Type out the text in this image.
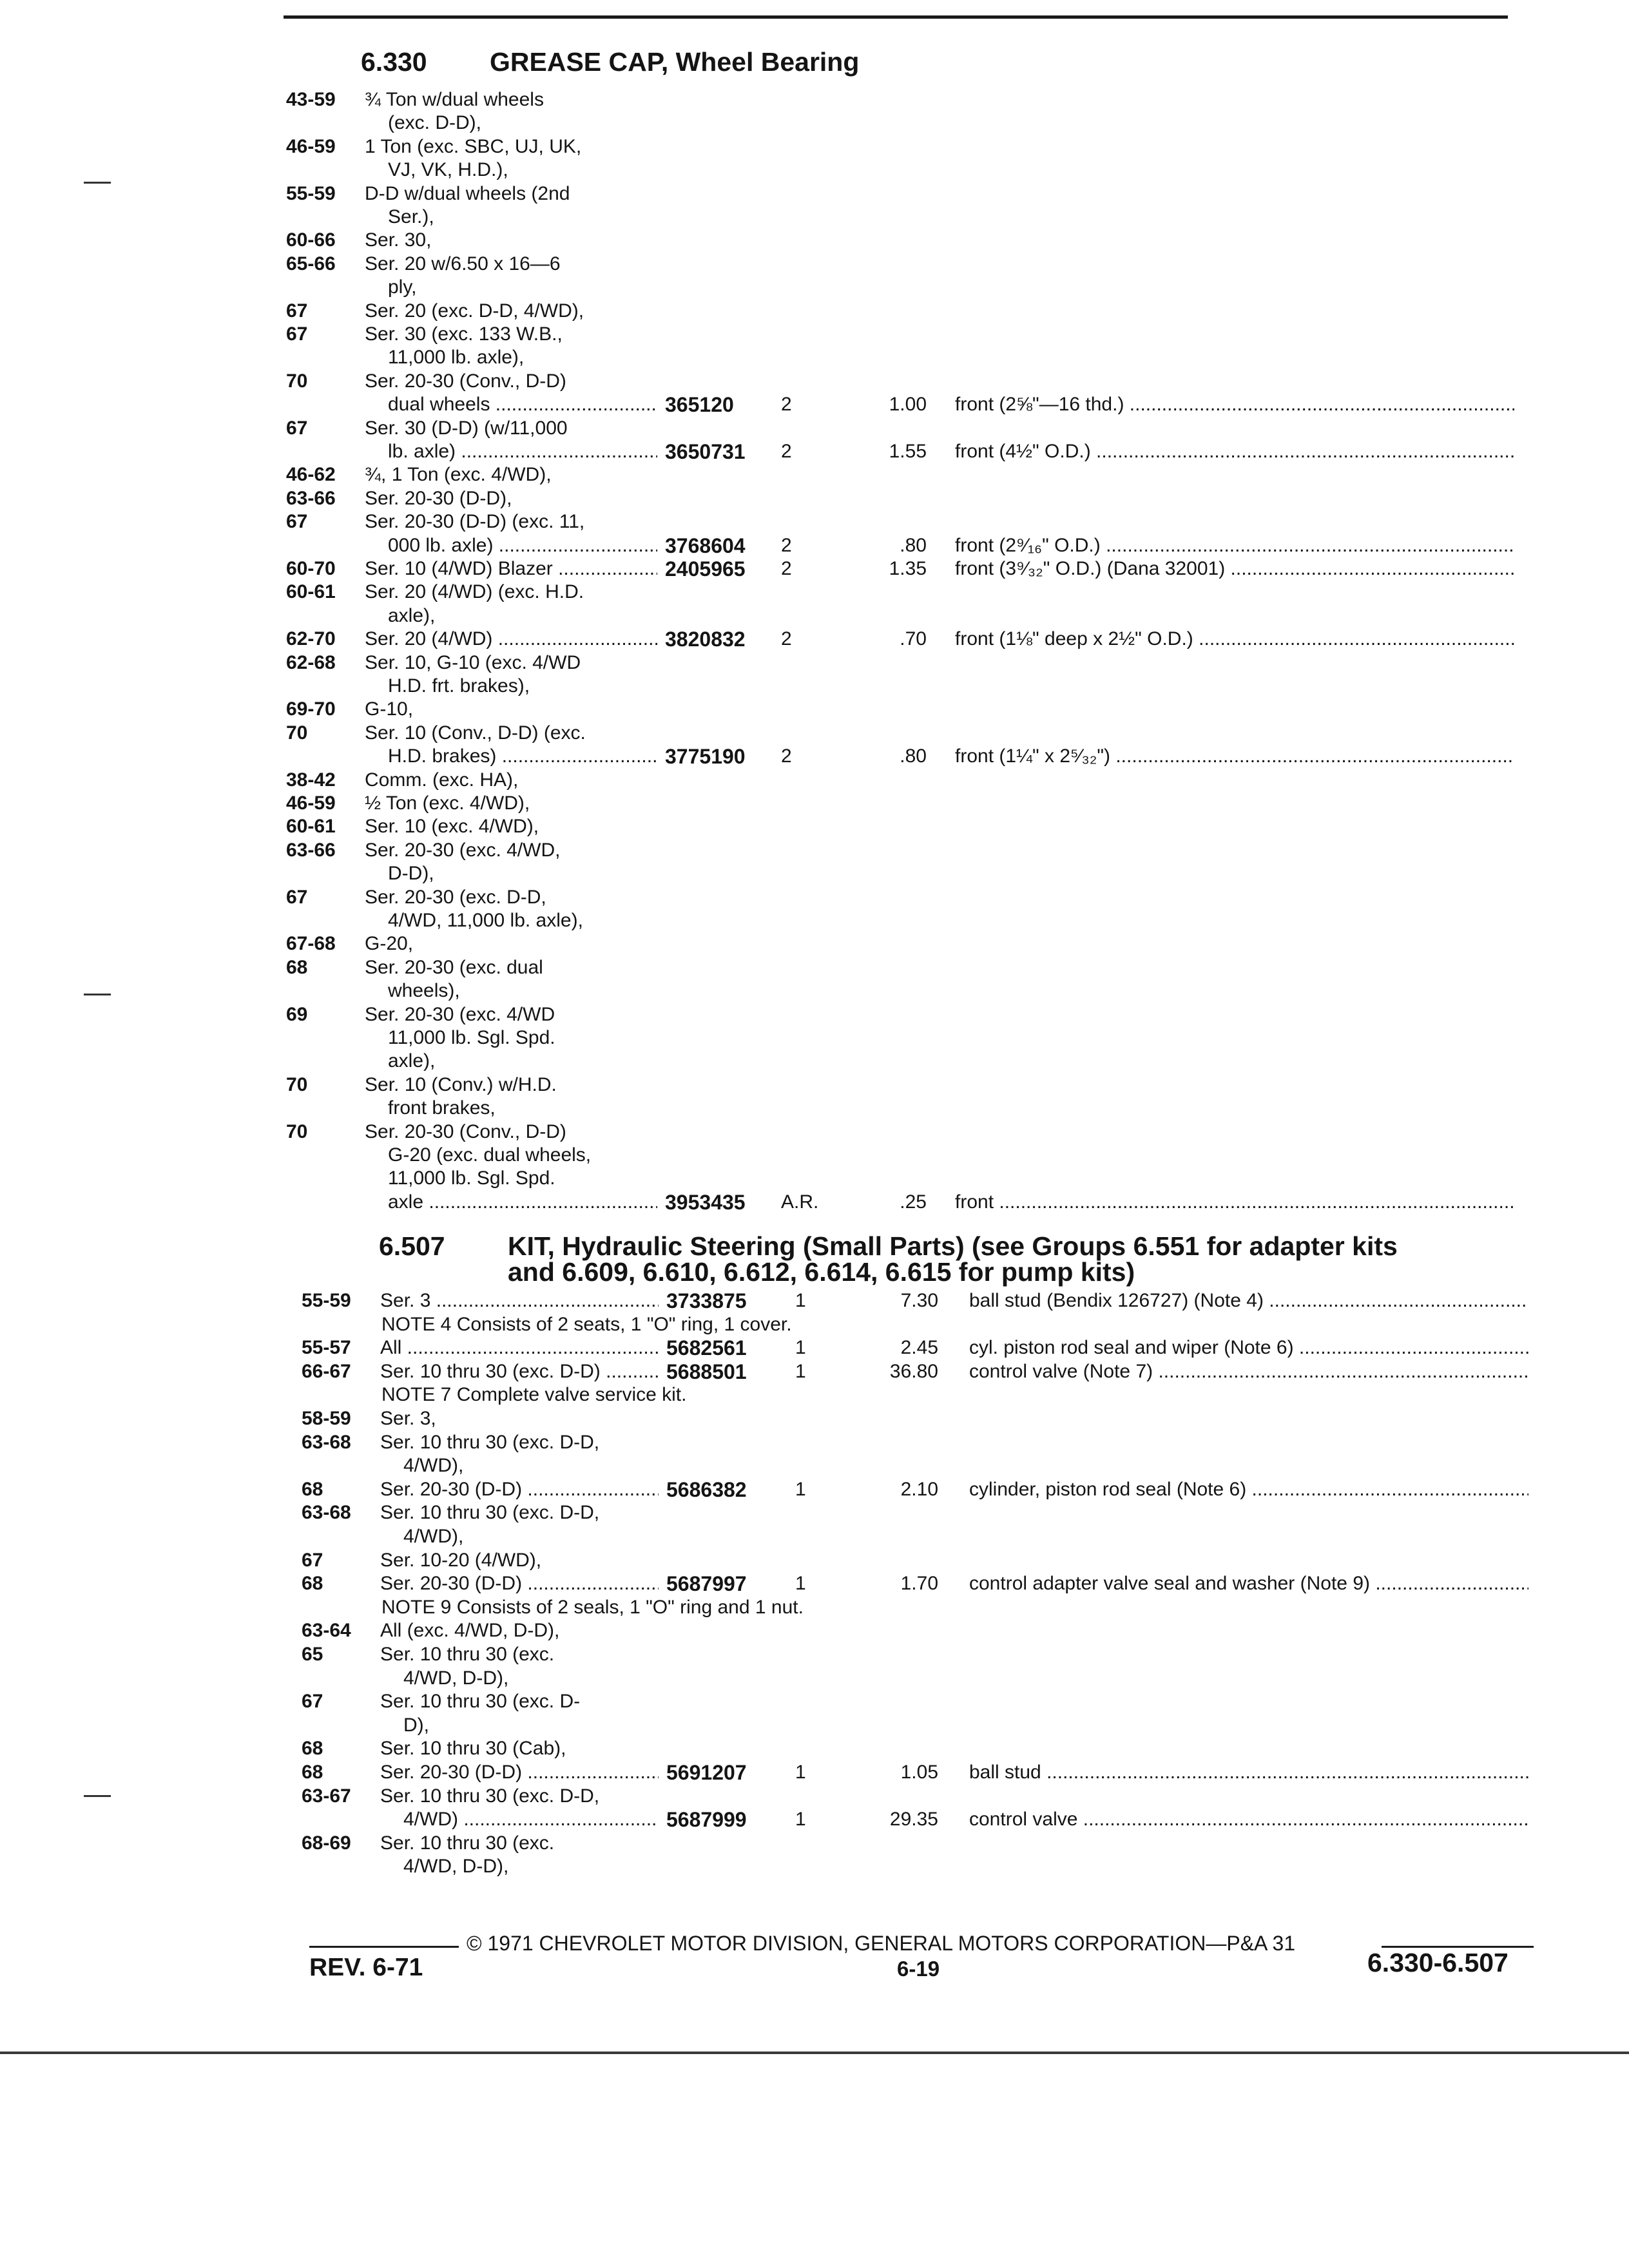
6.330 GREASE CAP, Wheel Bearing
43-59 ¾ Ton w/dual wheels
(exc. D-D),
46-59 1 Ton (exc. SBC, UJ, UK,
VJ, VK, H.D.),
55-59 D-D w/dual wheels (2nd
Ser.),
60-66 Ser. 30,
65-66 Ser. 20 w/6.50 x 16—6
ply,
67	Ser. 20 (exc. D-D, 4/WD),
67	Ser. 30 (exc. 133 W.B.,
11,000 lb. axle),
70	Ser. 20-30 (Conv., D-D)
dual wheels .....	365120 2	1.00 front (2⅝"—16 thd.) .....
67	Ser. 30 (D-D) (w/11,000
lb. axle) .....	3650731 2	1.55 front (4½" O.D.) .....
46-62 ¾, 1 Ton (exc. 4/WD),
63-66 Ser. 20-30 (D-D),
67	Ser. 20-30 (D-D) (exc. 11,
000 lb. axle) .....	3768604 2	.80 front (2⁹⁄₁₆" O.D.) .....
60-70 Ser. 10 (4/WD) Blazer .....	2405965 2	1.35 front (3⁹⁄₃₂" O.D.) (Dana 32001) .....
60-61 Ser. 20 (4/WD) (exc. H.D.
axle),
62-70 Ser. 20 (4/WD) .....	3820832 2	.70 front (1⅛" deep x 2½" O.D.) .....
62-68 Ser. 10, G-10 (exc. 4/WD
H.D. frt. brakes),
69-70 G-10,
70	Ser. 10 (Conv., D-D) (exc.
H.D. brakes) .....	3775190 2	.80 front (1¼" x 2⁵⁄₃₂") .....
38-42 Comm. (exc. HA),
46-59 ½ Ton (exc. 4/WD),
60-61 Ser. 10 (exc. 4/WD),
63-66 Ser. 20-30 (exc. 4/WD,
D-D),
67	Ser. 20-30 (exc. D-D,
4/WD, 11,000 lb. axle),
67-68 G-20,
68	Ser. 20-30 (exc. dual
wheels),
69	Ser. 20-30 (exc. 4/WD
11,000 lb. Sgl. Spd.
axle),
70	Ser. 10 (Conv.) w/H.D.
front brakes,
70	Ser. 20-30 (Conv., D-D)
G-20 (exc. dual wheels,
11,000 lb. Sgl. Spd.
axle .....	3953435 A.R.	.25 front .....
6.507 KIT, Hydraulic Steering (Small Parts) (see Groups 6.551 for adapter kits
and 6.609, 6.610, 6.612, 6.614, 6.615 for pump kits)
55-59 Ser. 3 .....	3733875	1	7.30 ball stud (Bendix 126727) (Note 4) .....
NOTE 4 Consists of 2 seats, 1 "O" ring, 1 cover.
55-57 All .....	5682561	1	2.45 cyl. piston rod seal and wiper (Note 6) .....
66-67 Ser. 10 thru 30 (exc. D-D) .....	5688501	1	36.80 control valve (Note 7) .....
NOTE 7 Complete valve service kit.
58-59 Ser. 3,
63-68 Ser. 10 thru 30 (exc. D-D,
4/WD),
68	Ser. 20-30 (D-D) .....	5686382	1	2.10 cylinder, piston rod seal (Note 6) .....
63-68 Ser. 10 thru 30 (exc. D-D,
4/WD),
67	Ser. 10-20 (4/WD),
68	Ser. 20-30 (D-D) .....	5687997	1	1.70 control adapter valve seal and washer (Note 9) .....
NOTE 9 Consists of 2 seals, 1 "O" ring and 1 nut.
63-64 All (exc. 4/WD, D-D),
65	Ser. 10 thru 30 (exc.
4/WD, D-D),
67	Ser. 10 thru 30 (exc. D-
D),
68	Ser. 10 thru 30 (Cab),
68	Ser. 20-30 (D-D) .....	5691207	1	1.05 ball stud .....
63-67 Ser. 10 thru 30 (exc. D-D,
4/WD) .....	5687999	1	29.35 control valve .....
68-69 Ser. 10 thru 30 (exc.
4/WD, D-D),
© 1971 CHEVROLET MOTOR DIVISION, GENERAL MOTORS CORPORATION—P&A 31
REV. 6-71	6-19	6.330-6.507
